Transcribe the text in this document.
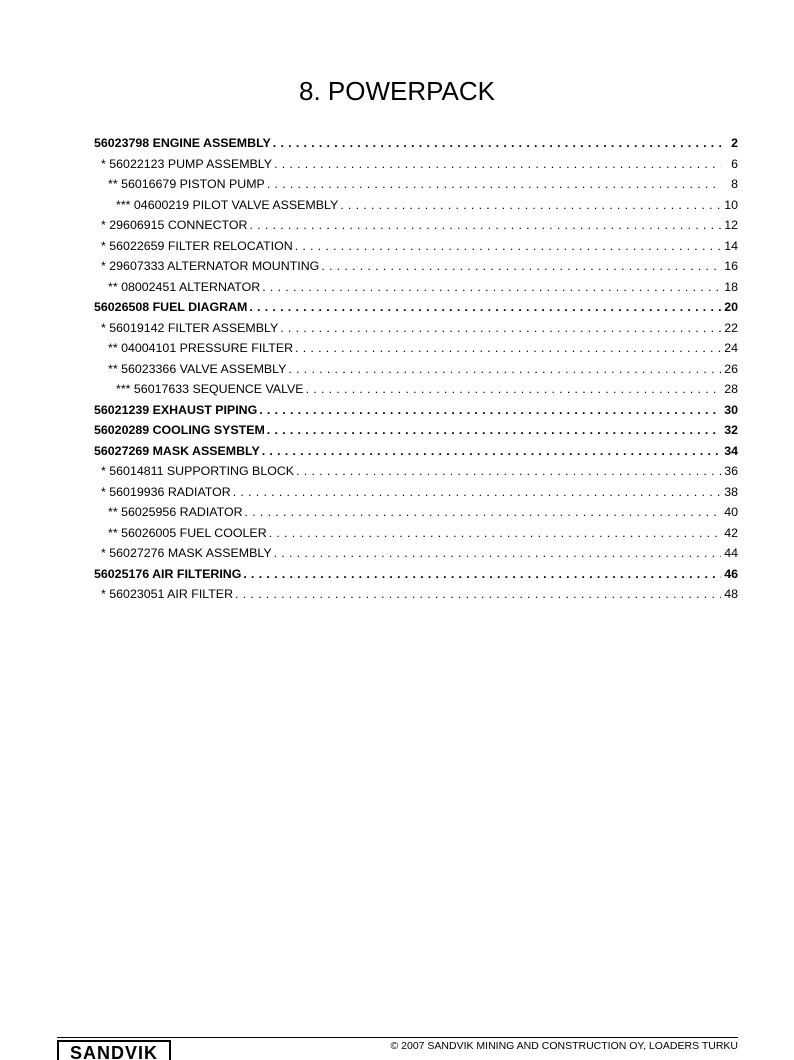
8. POWERPACK
56023798 ENGINE ASSEMBLY . . .	2
* 56022123 PUMP ASSEMBLY . . .	6
** 56016679 PISTON PUMP . . .	8
*** 04600219 PILOT VALVE ASSEMBLY . . .	10
* 29606915 CONNECTOR . . .	12
* 56022659 FILTER RELOCATION . . .	14
* 29607333 ALTERNATOR MOUNTING . . .	16
** 08002451 ALTERNATOR . . .	18
56026508 FUEL DIAGRAM . . .	20
* 56019142 FILTER ASSEMBLY . . .	22
** 04004101 PRESSURE FILTER . . .	24
** 56023366 VALVE ASSEMBLY . . .	26
*** 56017633 SEQUENCE VALVE . . .	28
56021239 EXHAUST PIPING . . .	30
56020289 COOLING SYSTEM . . .	32
56027269 MASK ASSEMBLY . . .	34
* 56014811 SUPPORTING BLOCK . . .	36
* 56019936 RADIATOR . . .	38
** 56025956 RADIATOR . . .	40
** 56026005 FUEL COOLER . . .	42
* 56027276 MASK ASSEMBLY . . .	44
56025176 AIR FILTERING . . .	46
* 56023051 AIR FILTER . . .	48
SANDVIK	© 2007 SANDVIK MINING AND CONSTRUCTION OY, LOADERS TURKU
